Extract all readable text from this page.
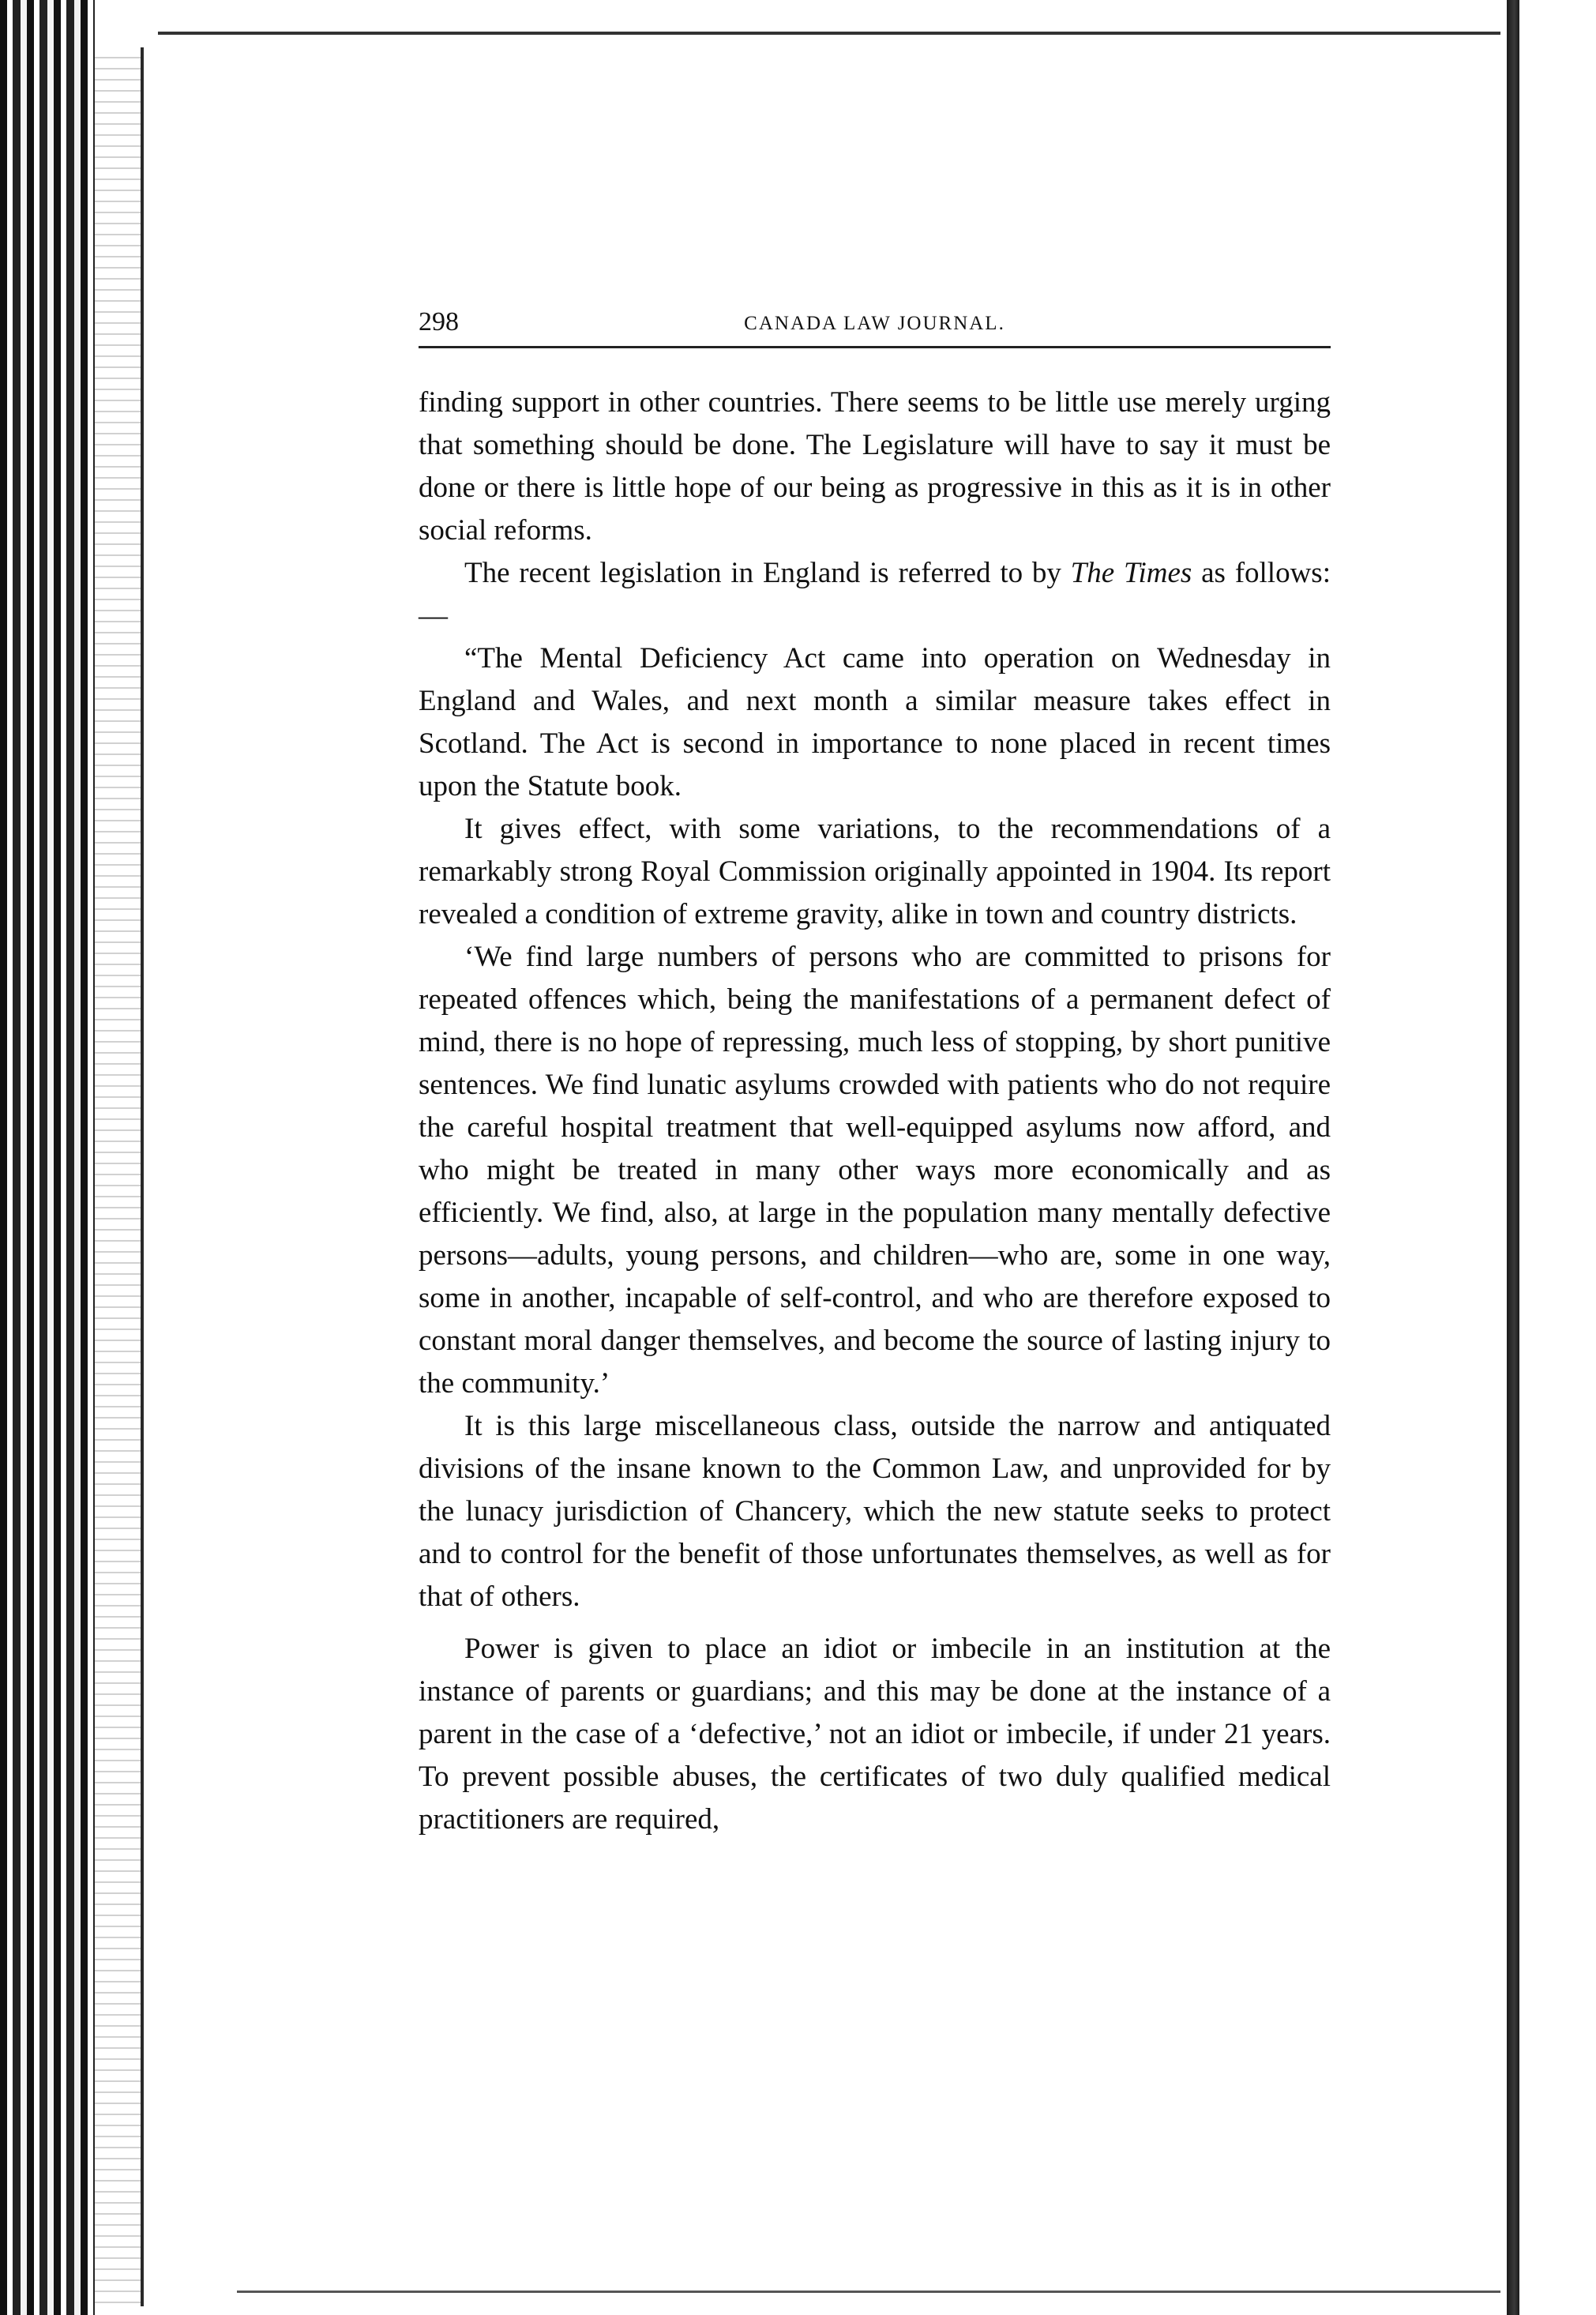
298	CANADA LAW JOURNAL.

finding support in other countries. There seems to be little use merely urging that something should be done. The Legislature will have to say it must be done or there is little hope of our being as progressive in this as it is in other social reforms.

The recent legislation in England is referred to by The Times as follows:—

“The Mental Deficiency Act came into operation on Wednesday in England and Wales, and next month a similar measure takes effect in Scotland. The Act is second in importance to none placed in recent times upon the Statute book.

It gives effect, with some variations, to the recommendations of a remarkably strong Royal Commission originally appointed in 1904. Its report revealed a condition of extreme gravity, alike in town and country districts.

‘We find large numbers of persons who are committed to prisons for repeated offences which, being the manifestations of a permanent defect of mind, there is no hope of repressing, much less of stopping, by short punitive sentences. We find lunatic asylums crowded with patients who do not require the careful hospital treatment that well-equipped asylums now afford, and who might be treated in many other ways more economically and as efficiently. We find, also, at large in the population many mentally defective persons—adults, young persons, and children—who are, some in one way, some in another, incapable of self-control, and who are therefore exposed to constant moral danger themselves, and become the source of lasting injury to the community.’

It is this large miscellaneous class, outside the narrow and antiquated divisions of the insane known to the Common Law, and unprovided for by the lunacy jurisdiction of Chancery, which the new statute seeks to protect and to control for the benefit of those unfortunates themselves, as well as for that of others.

Power is given to place an idiot or imbecile in an institution at the instance of parents or guardians; and this may be done at the instance of a parent in the case of a ‘defective,’ not an idiot or imbecile, if under 21 years. To prevent possible abuses, the certificates of two duly qualified medical practitioners are required,
